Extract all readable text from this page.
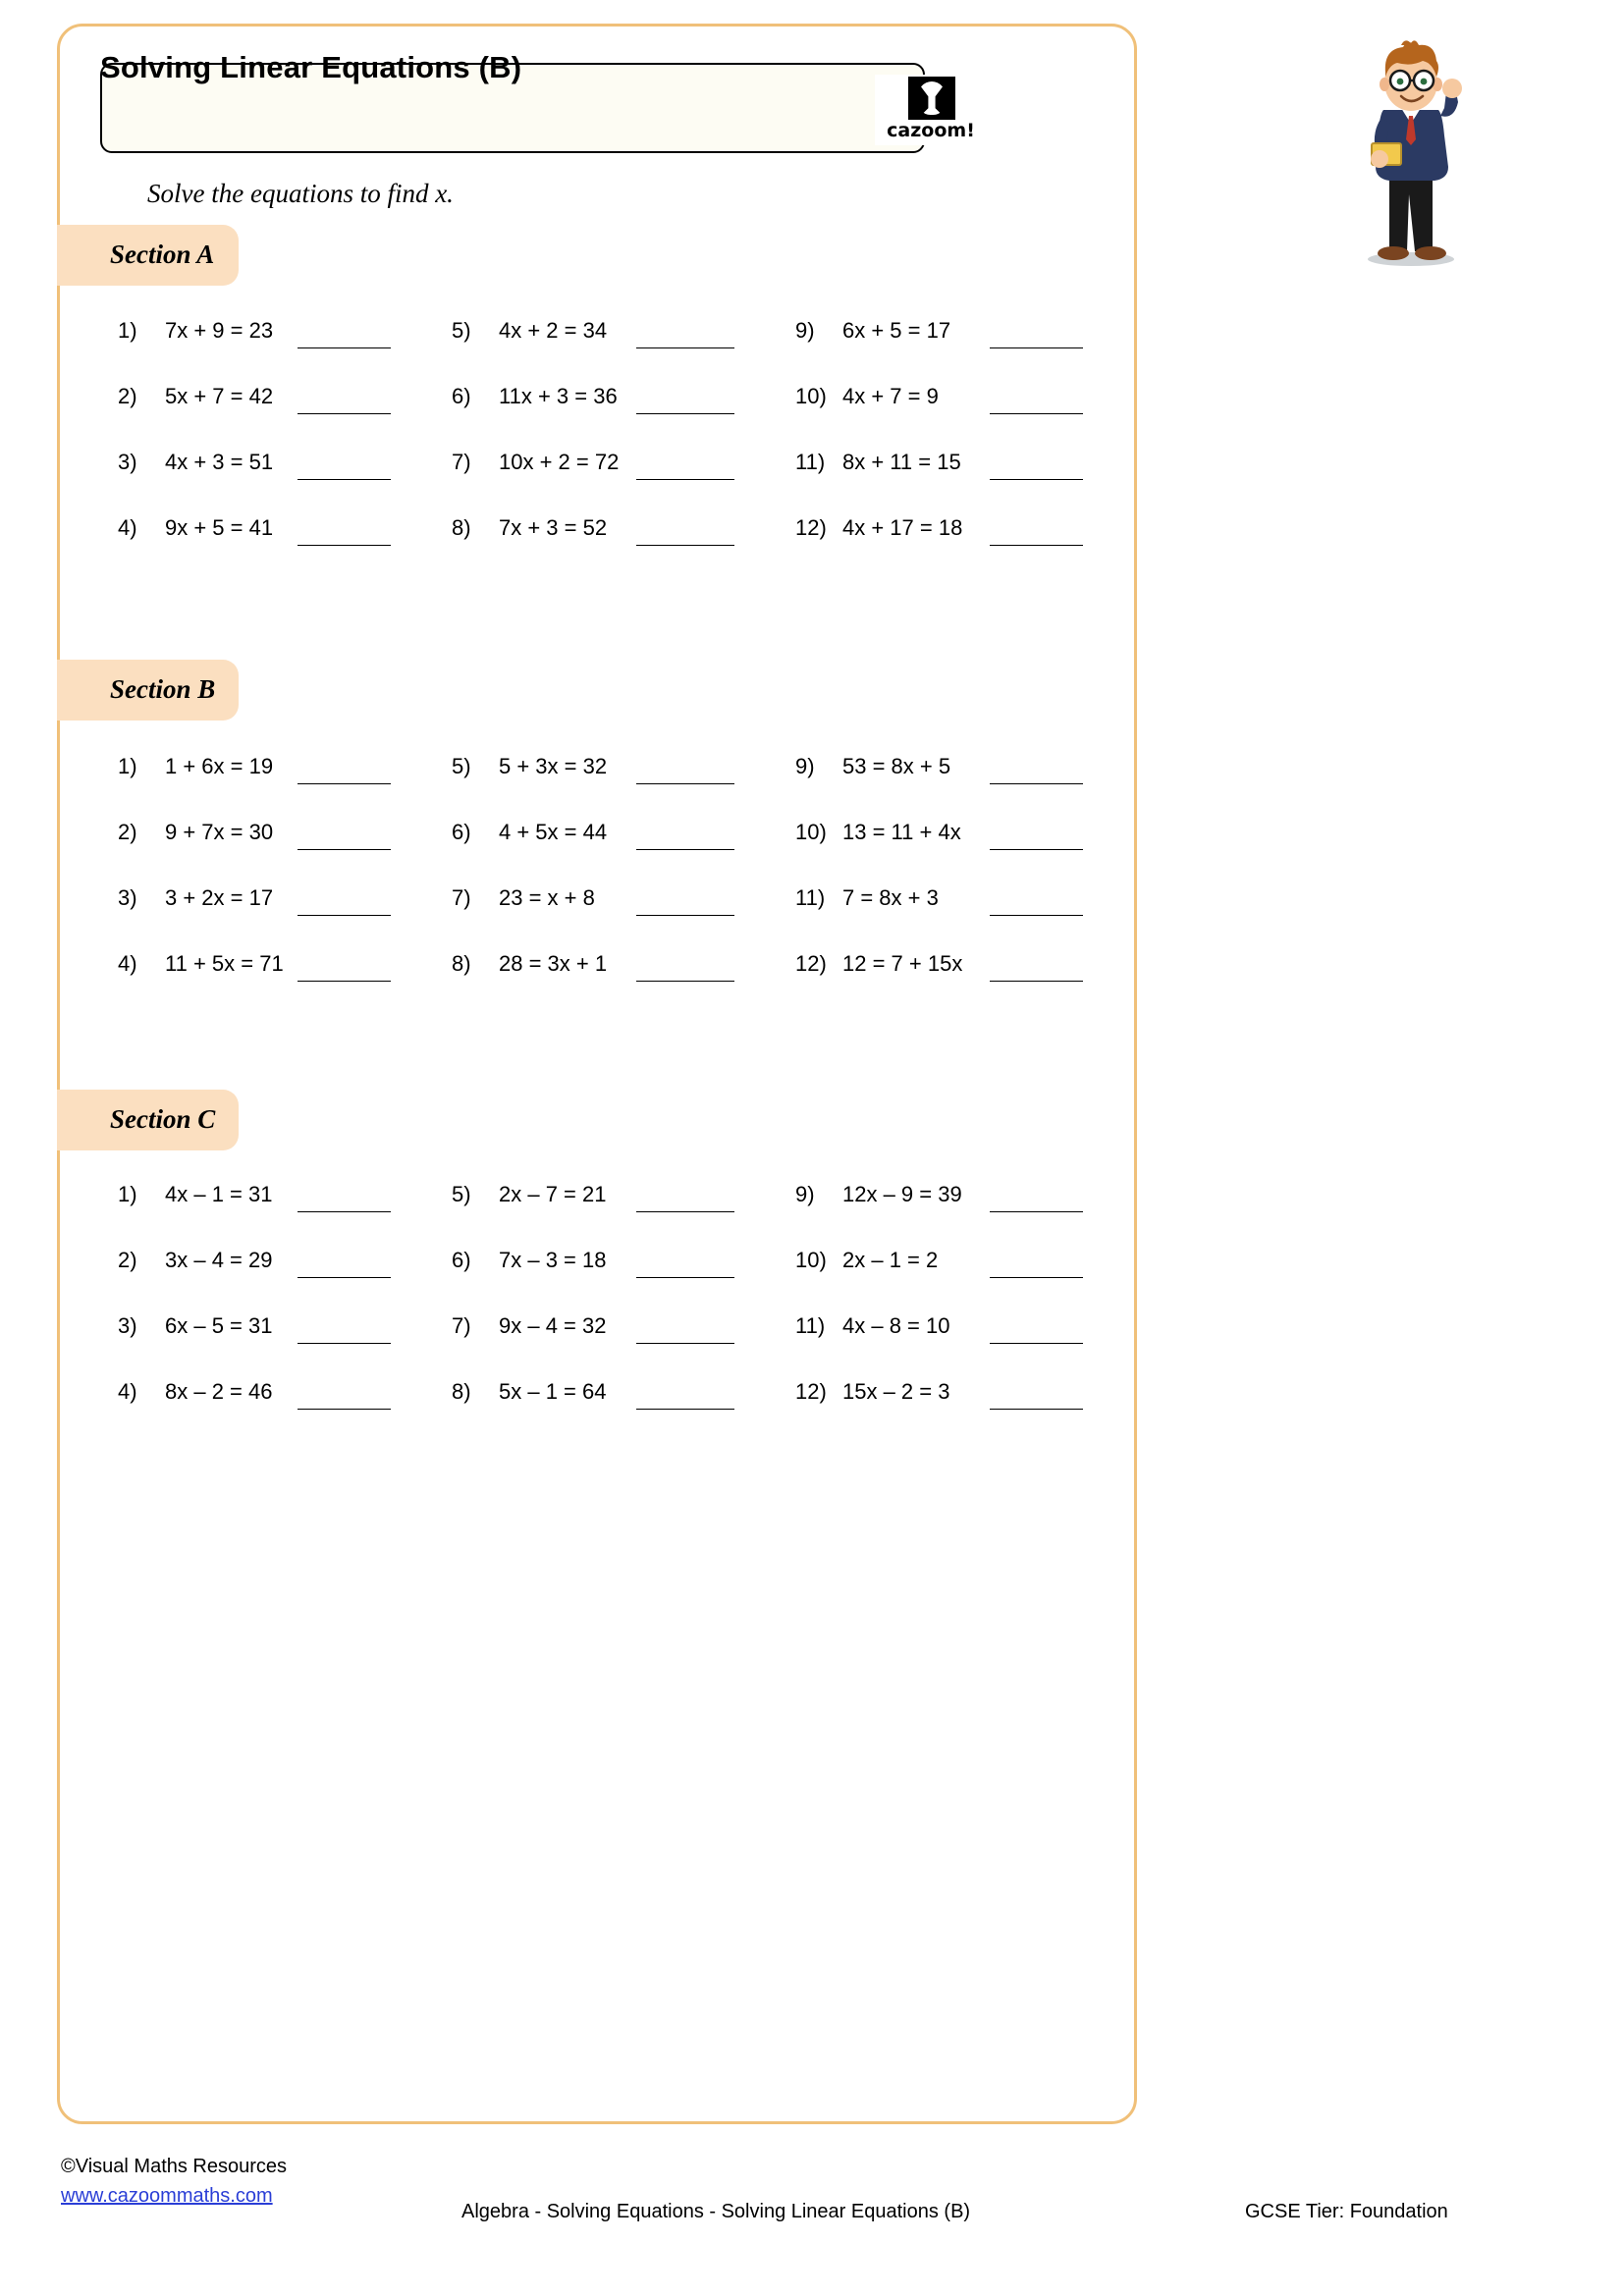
Solving Linear Equations (B)
cazoom!
Solve the equations to find x.
Section A
1)	7x + 9 = 23
2)	5x + 7 = 42
3)	4x + 3 = 51
4)	9x + 5 = 41
5)	4x + 2 = 34
6)	11x + 3 = 36
7)	10x + 2 = 72
8)	7x + 3 = 52
9)	6x + 5 = 17
10) 4x + 7 = 9
11) 8x + 11 = 15
12) 4x + 17 = 18
Section B
1)	1 + 6x = 19
2)	9 + 7x = 30
3)	3 + 2x = 17
4)	11 + 5x = 71
5)	5 + 3x = 32
6)	4 + 5x = 44
7)	23 = x + 8
8)	28 = 3x + 1
9)	53 = 8x + 5
10) 13 = 11 + 4x
11) 7 = 8x + 3
12) 12 = 7 + 15x
Section C
1)	4x – 1 = 31
2)	3x – 4 = 29
3)	6x – 5 = 31
4)	8x – 2 = 46
5)	2x – 7 = 21
6)	7x – 3 = 18
7)	9x – 4 = 32
8)	5x – 1 = 64
9)	12x – 9 = 39
10) 2x – 1 = 2
11) 4x – 8 = 10
12) 15x – 2 = 3
©Visual Maths Resources
www.cazoommaths.com
Algebra - Solving Equations - Solving Linear Equations (B)	GCSE Tier: Foundation
